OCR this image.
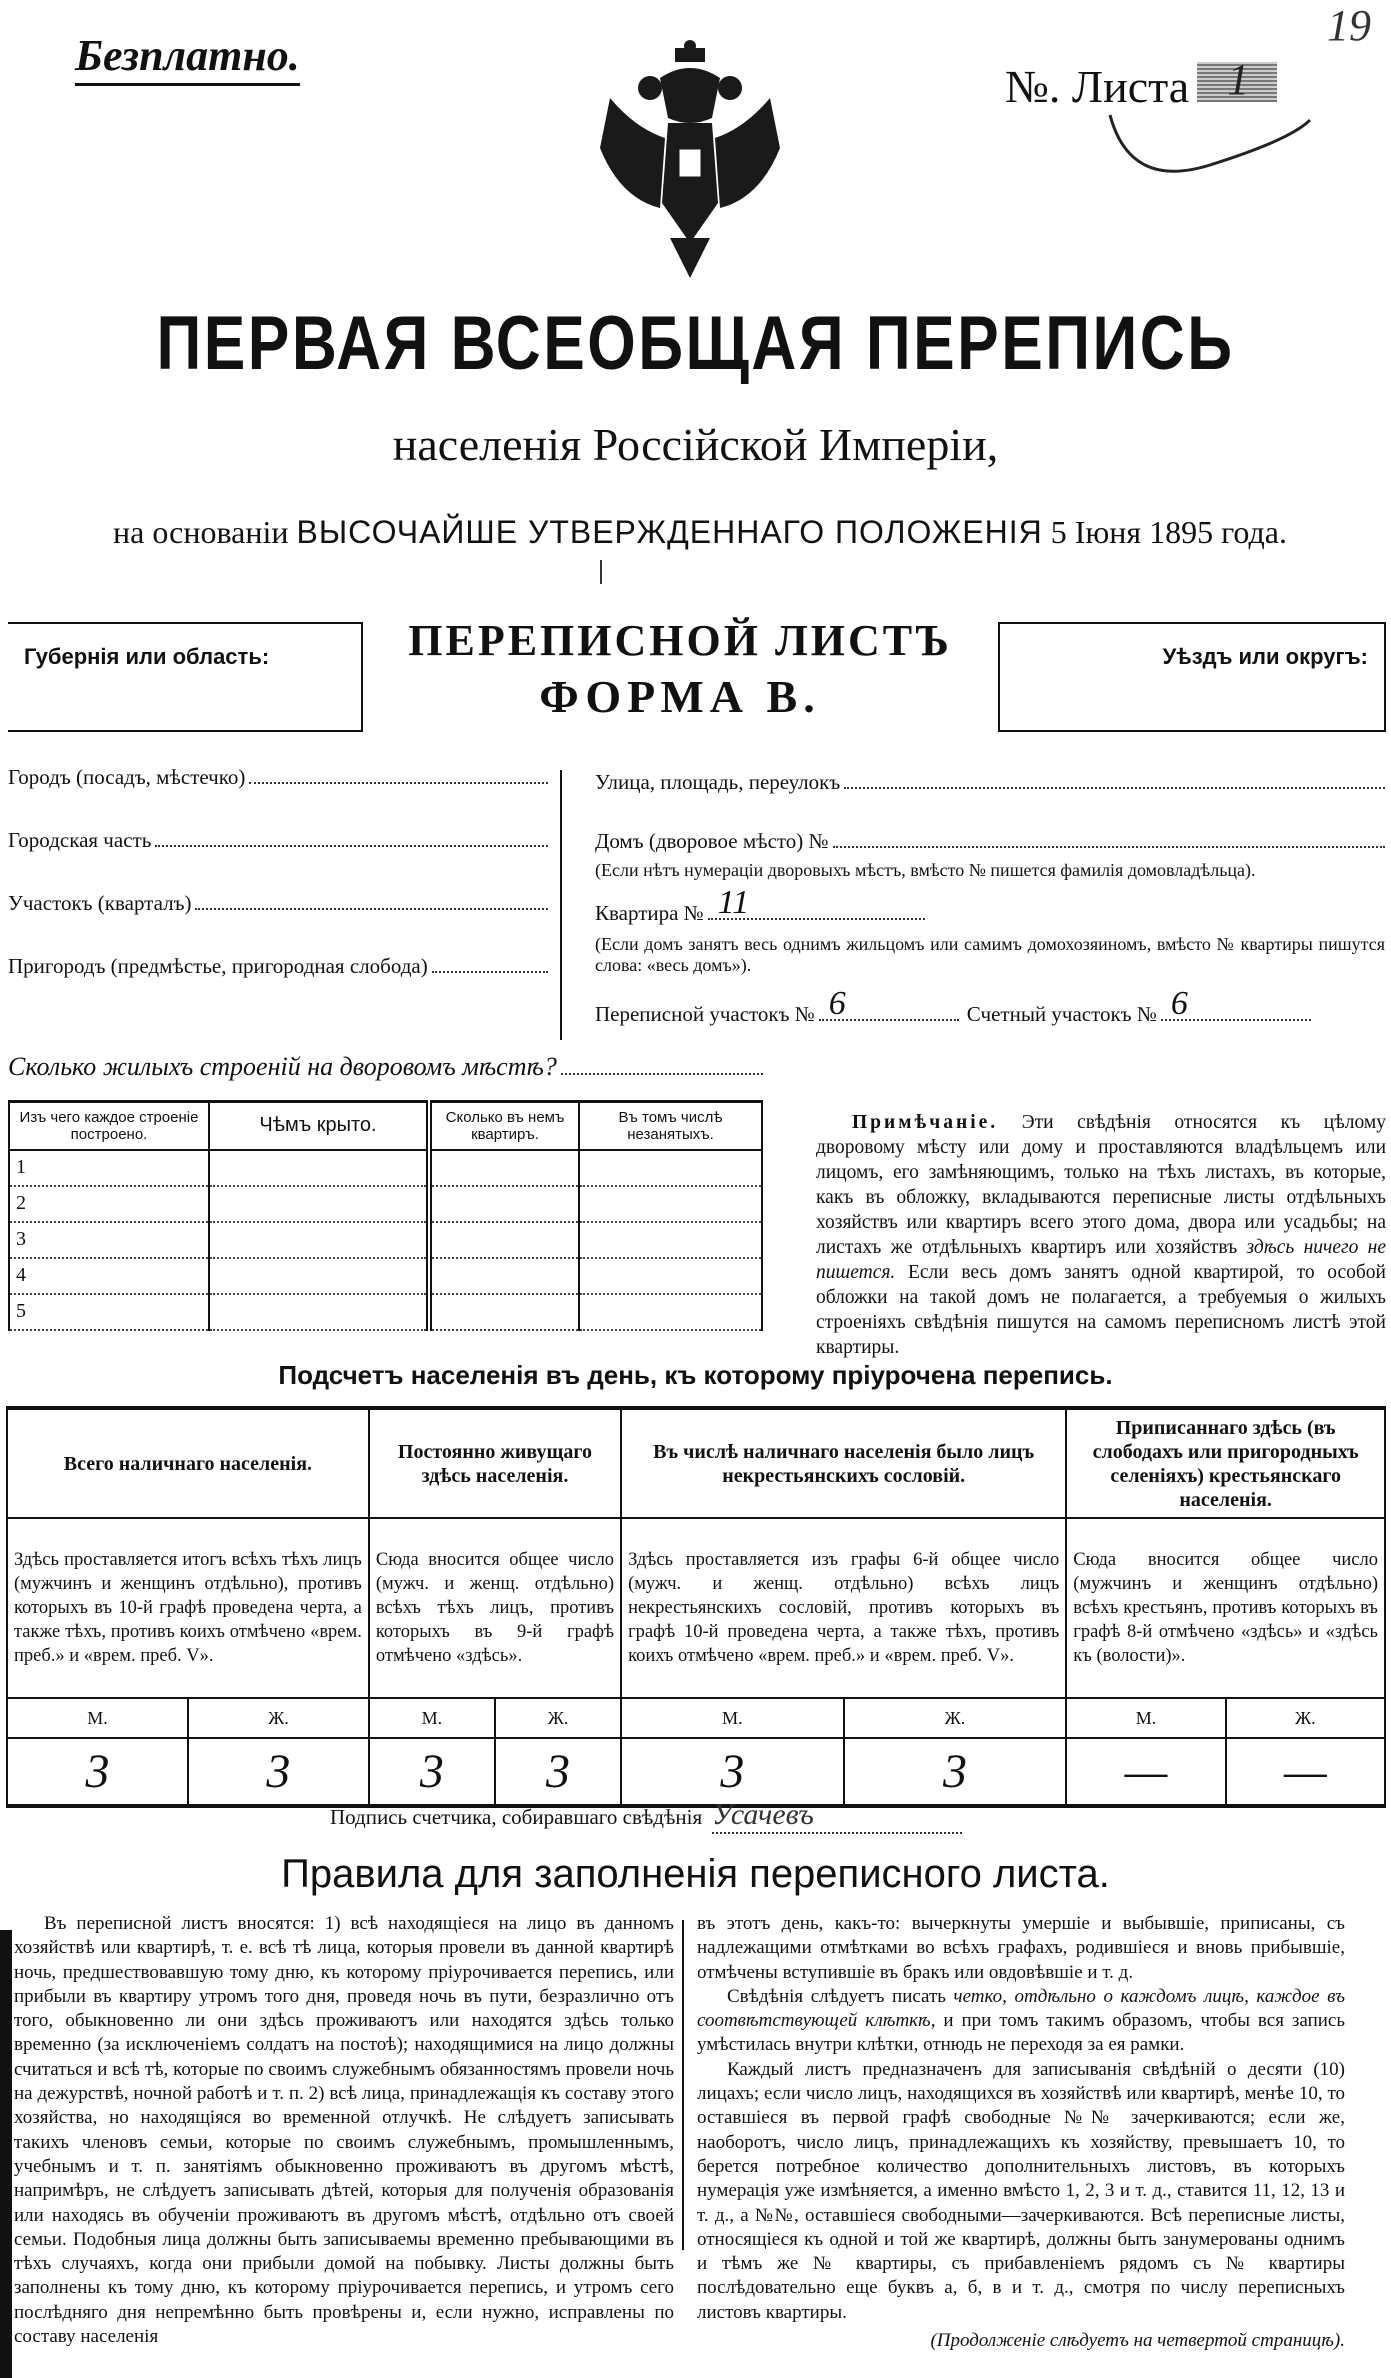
Безплатно.
19
№. Листа 1
ПЕРВАЯ ВСЕОБЩАЯ ПЕРЕПИСЬ
населенія Россійской Имперіи,
на основаніи ВЫСОЧАЙШЕ УТВЕРЖДЕННАГО ПОЛОЖЕНІЯ 5 Іюня 1895 года.
Губернія или область:	ПЕРЕПИСНОЙ ЛИСТЪ
ФОРМА В.
Уѣздъ или округъ:
Городъ (посадъ, мѣстечко)
Городская часть
Участокъ (кварталъ)
Пригородъ (предмѣстье, пригородная слобода)
Улица, площадь, переулокъ
Домъ (дворовое мѣсто) №
(Если нѣтъ нумераціи дворовыхъ мѣстъ, вмѣсто № пишется фамилія домовладѣльца).
Квартира № 11
(Если домъ занятъ весь однимъ жильцомъ или самимъ домохозяиномъ, вмѣсто № квартиры пишутся слова: «весь домъ»).
Переписной участокъ № 6	Счетный участокъ № 6
Сколько жилыхъ строеній на дворовомъ мѣстѣ?
Изъ чего каждое строеніе построено.	Чѣмъ крыто.	Сколько въ немъ квартиръ.	Въ томъ числѣ незанятыхъ.
1			
2			
3			
4			
5			
Примѣчаніе. Эти свѣдѣнія относятся къ цѣлому дворовому мѣсту или дому и проставляются владѣльцемъ или лицомъ, его замѣняющимъ, только на тѣхъ листахъ, въ которые, какъ въ обложку, вкладываются переписные листы отдѣльныхъ хозяйствъ или квартиръ всего этого дома, двора или усадьбы; на листахъ же отдѣльныхъ квартиръ или хозяйствъ здѣсь ничего не пишется. Если весь домъ занятъ одной квартирой, то особой обложки на такой домъ не полагается, а требуемыя о жилыхъ строеніяхъ свѣдѣнія пишутся на самомъ переписномъ листѣ этой квартиры.
Подсчетъ населенія въ день, къ которому пріурочена перепись.
Всего наличнаго населенія.		Постоянно живущаго здѣсь населенія.		Въ числѣ наличнаго населенія было лицъ некрестьянскихъ сословій.		Приписаннаго здѣсь (въ слободахъ или пригородныхъ селеніяхъ) крестьянскаго населенія.	
Здѣсь проставляется итогъ всѣхъ тѣхъ лицъ (мужчинъ и женщинъ отдѣльно), противъ которыхъ въ 10-й графѣ проведена черта, а также тѣхъ, противъ коихъ отмѣчено «врем. преб.» и «врем. преб. V».		Сюда вносится общее число (мужч. и женщ. отдѣльно) всѣхъ тѣхъ лицъ, противъ которыхъ въ 9-й графѣ отмѣчено «здѣсь».		Здѣсь проставляется изъ графы 6-й общее число (мужч. и женщ. отдѣльно) всѣхъ лицъ некрестьянскихъ сословій, противъ которыхъ въ графѣ 10-й проведена черта, а также тѣхъ, противъ коихъ отмѣчено «врем. преб.» и «врем. преб. V».		Сюда вносится общее число (мужчинъ и женщинъ отдѣльно) всѣхъ крестьянъ, противъ которыхъ въ графѣ 8-й отмѣчено «здѣсь» и «здѣсь къ (волости)».	
М.	Ж.	М.	Ж.	М.	Ж.	М.	Ж.
3	3	3	3	3	3	—	—
Подпись счетчика, собиравшаго свѣдѣнія Усачевъ
Правила для заполненія переписного листа.

Въ переписной листъ вносятся: 1) всѣ находящіеся на лицо въ данномъ хозяйствѣ или квартирѣ, т. е. всѣ тѣ лица, которыя провели въ данной квартирѣ ночь, предшествовавшую тому дню, къ которому пріурочивается перепись, или прибыли въ квартиру утромъ того дня, проведя ночь въ пути, безразлично отъ того, обыкновенно ли они здѣсь проживаютъ или находятся здѣсь только временно (за исключеніемъ солдатъ на постоѣ); находящимися на лицо должны считаться и всѣ тѣ, которые по своимъ служебнымъ обязанностямъ провели ночь на дежурствѣ, ночной работѣ и т. п. 2) всѣ лица, принадлежащія къ составу этого хозяйства, но находящіяся во временной отлучкѣ. Не слѣдуетъ записывать такихъ членовъ семьи, которые по своимъ служебнымъ, промышленнымъ, учебнымъ и т. п. занятіямъ обыкновенно проживаютъ въ другомъ мѣстѣ, напримѣръ, не слѣдуетъ записывать дѣтей, которыя для полученія образованія или находясь въ обученіи проживаютъ въ другомъ мѣстѣ, отдѣльно отъ своей семьи. Подобныя лица должны быть записываемы временно пребывающими въ тѣхъ случаяхъ, когда они прибыли домой на побывку. Листы должны быть заполнены къ тому дню, къ которому пріурочивается перепись, и утромъ сего послѣдняго дня непремѣнно быть провѣрены и, если нужно, исправлены по составу населенія

въ этотъ день, какъ-то: вычеркнуты умершіе и выбывшіе, приписаны, съ надлежащими отмѣтками во всѣхъ графахъ, родившіеся и вновь прибывшіе, отмѣчены вступившіе въ бракъ или овдовѣвшіе и т. д.

Свѣдѣнія слѣдуетъ писать четко, отдѣльно о каждомъ лицѣ, каждое въ соотвѣтствующей клѣткѣ, и при томъ такимъ образомъ, чтобы вся запись умѣстилась внутри клѣтки, отнюдь не переходя за ея рамки.

Каждый листъ предназначенъ для записыванія свѣдѣній о десяти (10) лицахъ; если число лицъ, находящихся въ хозяйствѣ или квартирѣ, менѣе 10, то оставшіеся въ первой графѣ свободные №№ зачеркиваются; если же, наоборотъ, число лицъ, принадлежащихъ къ хозяйству, превышаетъ 10, то берется потребное количество дополнительныхъ листовъ, въ которыхъ нумерація уже измѣняется, а именно вмѣсто 1, 2, 3 и т. д., ставится 11, 12, 13 и т. д., а №№, оставшіеся свободными—зачеркиваются. Всѣ переписные листы, относящіеся къ одной и той же квартирѣ, должны быть занумерованы однимъ и тѣмъ же № квартиры, съ прибавленіемъ рядомъ съ № квартиры послѣдовательно еще буквъ а, б, в и т. д., смотря по числу переписныхъ листовъ квартиры.

(Продолженіе слѣдуетъ на четвертой страницѣ).
